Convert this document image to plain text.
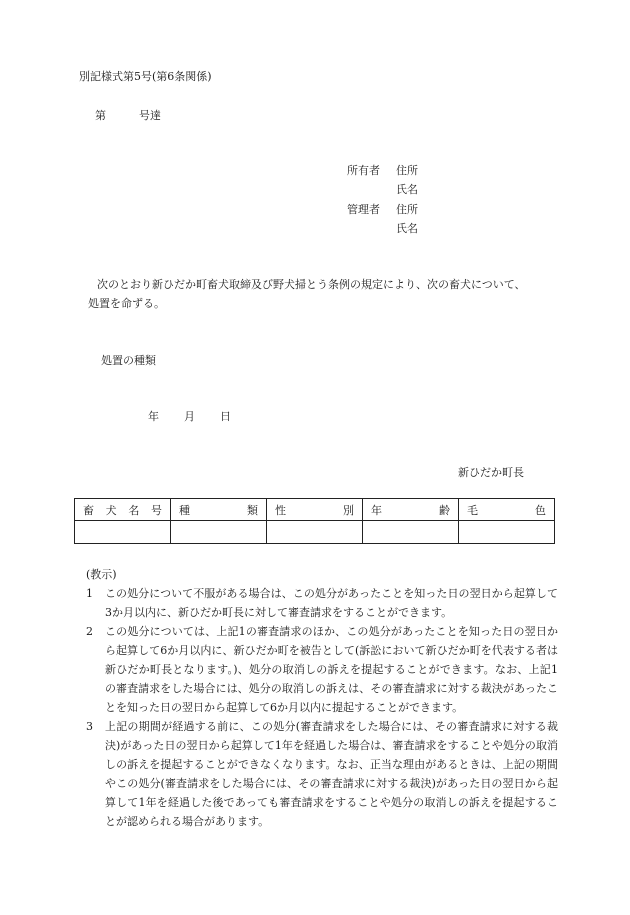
別記様式第5号(第6条関係)
第	号達
所有者 住所
氏名
管理者 住所
氏名
次のとおり新ひだか町畜犬取締及び野犬掃とう条例の規定により、次の畜犬について、
処置を命ずる。
処置の種類
年 月 日
新ひだか町長
畜 犬 名 号	種 類	性 別	年 齢	毛 色

(教示)
1	この処分について不服がある場合は、この処分があったことを知った日の翌日から起算して3か月以内に、新ひだか町長に対して審査請求をすることができます。
2	この処分については、上記1の審査請求のほか、この処分があったことを知った日の翌日から起算して6か月以内に、新ひだか町を被告として(訴訟において新ひだか町を代表する者は新ひだか町長となります。)、処分の取消しの訴えを提起することができます。なお、上記1の審査請求をした場合には、処分の取消しの訴えは、その審査請求に対する裁決があったことを知った日の翌日から起算して6か月以内に提起することができます。
3	上記の期間が経過する前に、この処分(審査請求をした場合には、その審査請求に対する裁決)があった日の翌日から起算して1年を経過した場合は、審査請求をすることや処分の取消しの訴えを提起することができなくなります。なお、正当な理由があるときは、上記の期間やこの処分(審査請求をした場合には、その審査請求に対する裁決)があった日の翌日から起算して1年を経過した後であっても審査請求をすることや処分の取消しの訴えを提起することが認められる場合があります。
